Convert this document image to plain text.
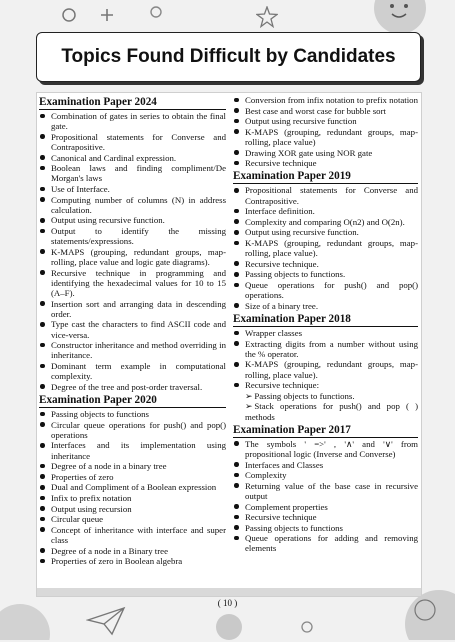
Topics Found Difficult by Candidates
Examination Paper 2024
Combination of gates in series to obtain the final gate.
Propositional statements for Converse and Contrapositive.
Canonical and Cardinal expression.
Boolean laws and finding compliment/De Morgan's laws
Use of Interface.
Computing number of columns (N) in address calculation.
Output using recursive function.
Output to identify the missing statements/expressions.
K-MAPS (grouping, redundant groups, map-rolling, place value and logic gate diagrams).
Recursive technique in programming and identifying the hexadecimal values for 10 to 15 (A–F).
Insertion sort and arranging data in descending order.
Type cast the characters to find ASCII code and vice-versa.
Constructor inheritance and method overriding in inheritance.
Dominant term example in computational complexity.
Degree of the tree and post-order traversal.
Examination Paper 2020
Passing objects to functions
Circular queue operations for push() and pop() operations
Interfaces and its implementation using inheritance
Degree of a node in a binary tree
Properties of zero
Dual and Compliment of a Boolean expression
Infix to prefix notation
Output using recursion
Circular queue
Concept of inheritance with interface and super class
Degree of a node in a Binary tree
Properties of zero in Boolean algebra
Conversion from infix notation to prefix notation
Best case and worst case for bubble sort
Output using recursive function
K-MAPS (grouping, redundant groups, map-rolling, place value)
Drawing XOR gate using NOR gate
Recursive technique
Examination Paper 2019
Propositional statements for Converse and Contrapositive.
Interface definition.
Complexity and comparing O(n2) and O(2n).
Output using recursive function.
K-MAPS (grouping, redundant groups, map-rolling, place value).
Recursive technique.
Passing objects to functions.
Queue operations for push() and pop() operations.
Size of a binary tree.
Examination Paper 2018
Wrapper classes
Extracting digits from a number without using the % operator.
K-MAPS (grouping, redundant groups, map-rolling, place value).
Recursive technique:
➢ Passing objects to functions.
➢ Stack operations for push() and pop ( ) methods
Examination Paper 2017
The symbols ' =>' , '∧' and '∨' from propositional logic (Inverse and Converse)
Interfaces and Classes
Complexity
Returning value of the base case in recursive output
Complement properties
Recursive technique
Passing objects to functions
Queue operations for adding and removing elements
( 10 )
